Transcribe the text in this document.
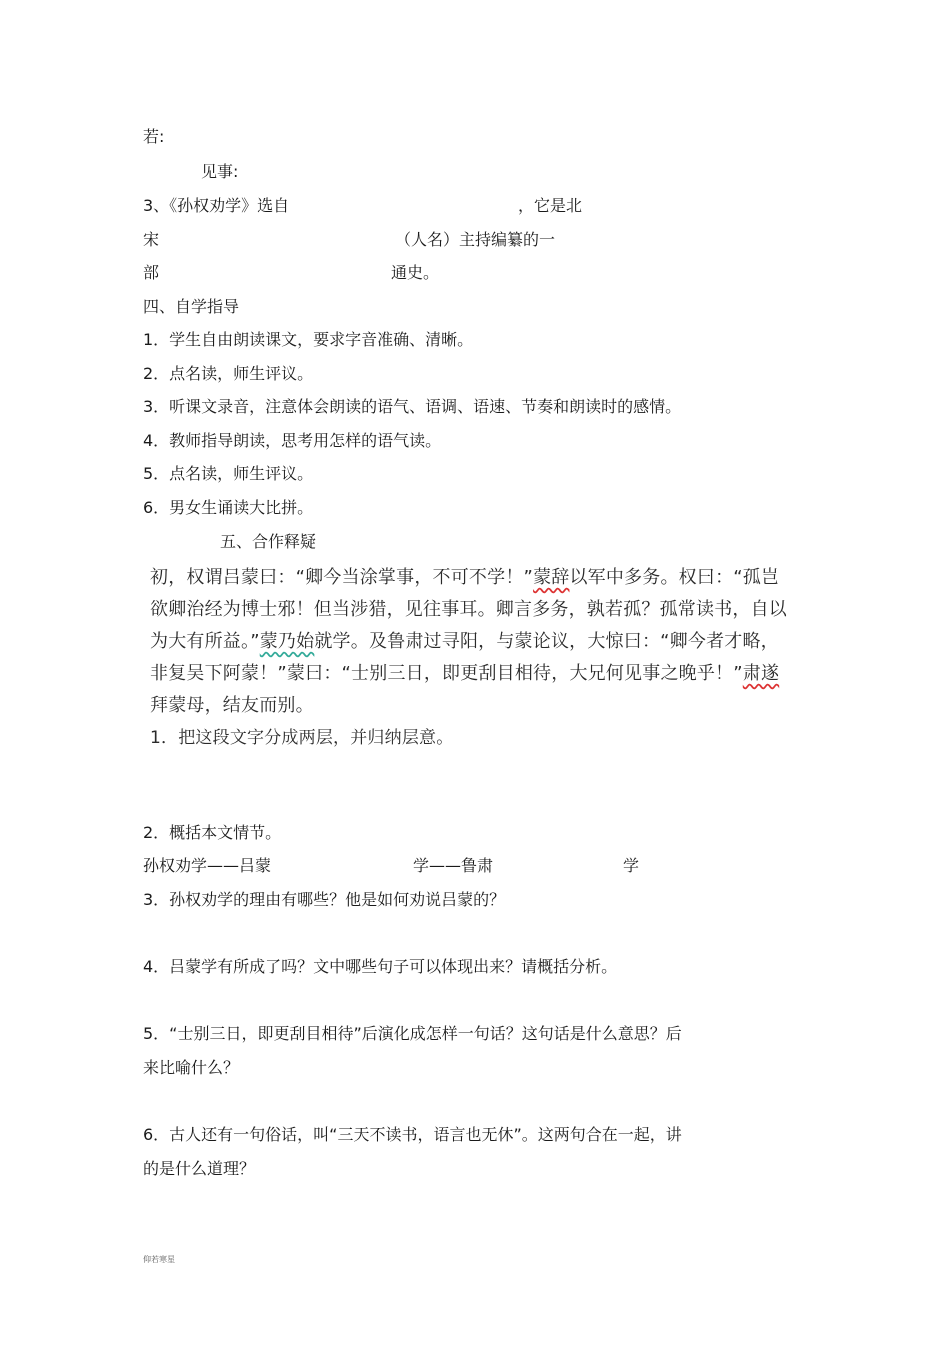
若:
见事:
3、《孙权劝学》选自	，它是北
宋	（人名）主持编纂的一
部	通史。
四、自学指导
1．学生自由朗读课文，要求字音准确、清晰。
2．点名读，师生评议。
3．听课文录音，注意体会朗读的语气、语调、语速、节奏和朗读时的感情。
4．教师指导朗读，思考用怎样的语气读。
5．点名读，师生评议。
6．男女生诵读大比拼。
五、合作释疑

初，权谓吕蒙曰：“卿今当涂掌事，不可不学！”蒙辞以军中多务。权曰：“孤岂
欲卿治经为博士邪！但当涉猎，见往事耳。卿言多务，孰若孤？孤常读书，自以
为大有所益。”蒙乃始就学。及鲁肃过寻阳，与蒙论议，大惊曰：“卿今者才略，
非复吴下阿蒙！”蒙曰：“士别三日，即更刮目相待，大兄何见事之晚乎！”肃遂
拜蒙母，结友而别。
1．把这段文字分成两层，并归纳层意。
2．概括本文情节。
孙权劝学——吕蒙	学——鲁肃	学
3．孙权劝学的理由有哪些？他是如何劝说吕蒙的？
4．吕蒙学有所成了吗？文中哪些句子可以体现出来？请概括分析。
5．“士别三日，即更刮目相待”后演化成怎样一句话？这句话是什么意思？后
来比喻什么？
6．古人还有一句俗话，叫“三天不读书，语言也无休”。这两句合在一起，讲
的是什么道理？
仰若寒星
